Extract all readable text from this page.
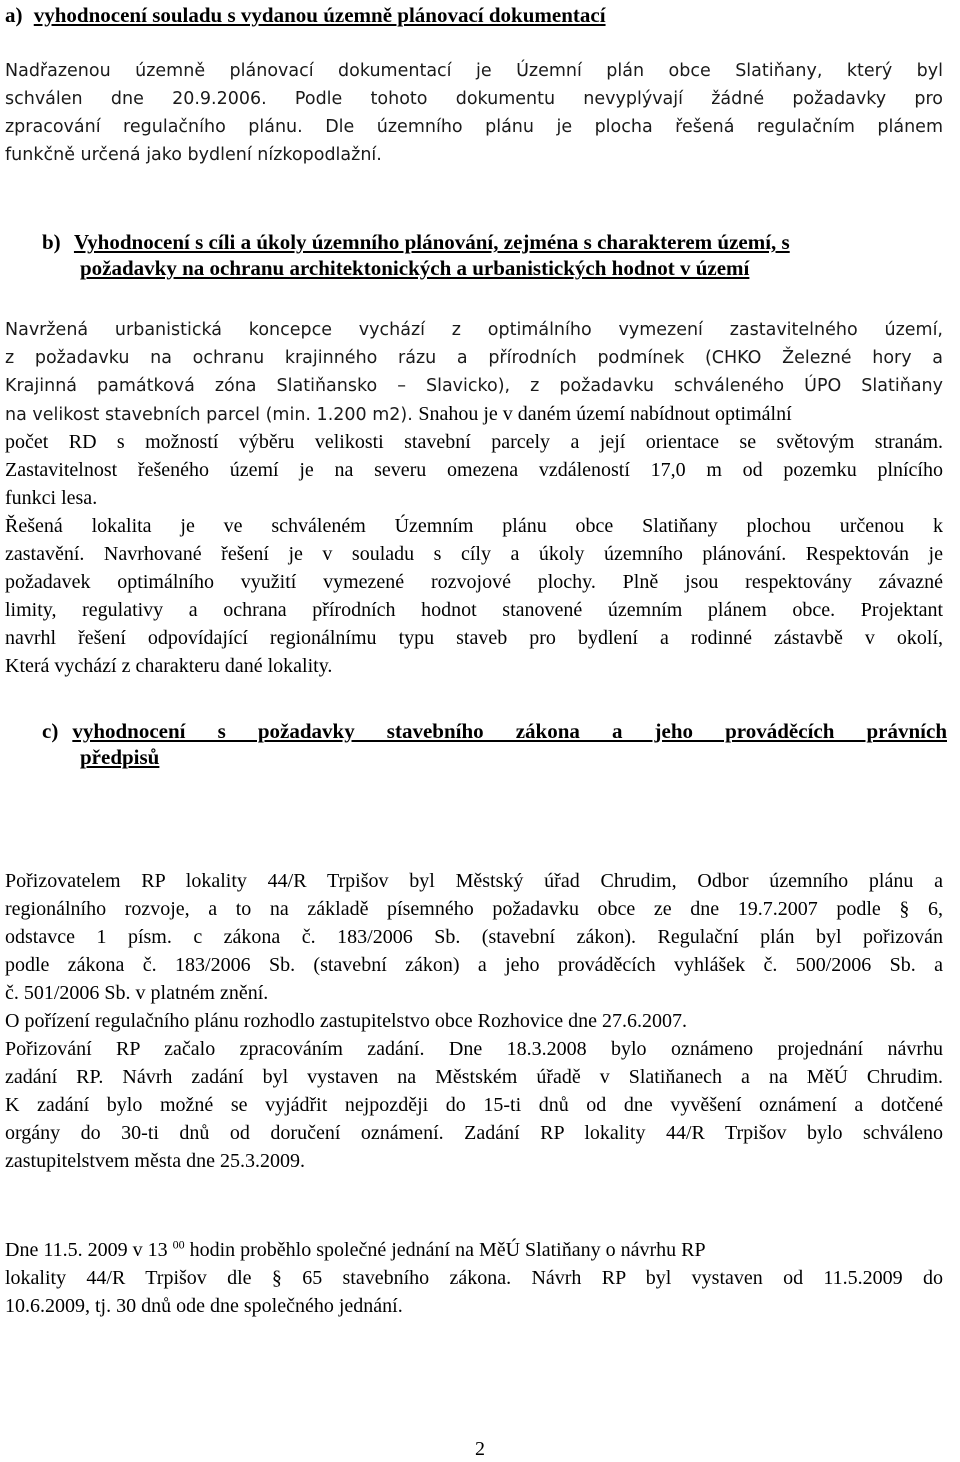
a) vyhodnocení souladu s vydanou územně plánovací dokumentací
Nadřazenou územně plánovací dokumentací je Územní plán obce Slatiňany, který byl
schválen dne 20.9.2006. Podle tohoto dokumentu nevyplývají žádné požadavky pro
zpracování regulačního plánu. Dle územního plánu je plocha řešená regulačním plánem
funkčně určená jako bydlení nízkopodlažní.
b) Vyhodnocení s cíli a úkoly územního plánování, zejména s charakterem území, s
požadavky na ochranu architektonických a urbanistických hodnot v území
Navržená urbanistická koncepce vychází z optimálního vymezení zastavitelného území,
z požadavku na ochranu krajinného rázu a přírodních podmínek (CHKO Železné hory a
Krajinná památková zóna Slatiňansko – Slavicko), z požadavku schváleného ÚPO Slatiňany
na velikost stavebních parcel (min. 1.200 m2). Snahou je v daném území nabídnout optimální
počet RD s možností výběru velikosti stavební parcely a její orientace se světovým stranám.
Zastavitelnost řešeného území je na severu omezena vzdáleností 17,0 m od pozemku plnícího
funkci lesa.
Řešená lokalita je ve schváleném Územním plánu obce Slatiňany plochou určenou k
zastavění. Navrhované řešení je v souladu s cíly a úkoly územního plánování. Respektován je
požadavek optimálního využití vymezené rozvojové plochy. Plně jsou respektovány závazné
limity, regulativy a ochrana přírodních hodnot stanovené územním plánem obce. Projektant
navrhl řešení odpovídající regionálnímu typu staveb pro bydlení a rodinné zástavbě v okolí,
Která vychází z charakteru dané lokality.
c) vyhodnocení s požadavky stavebního zákona a jeho prováděcích právních
předpisů
Pořizovatelem RP lokality 44/R Trpišov byl Městský úřad Chrudim, Odbor územního plánu a
regionálního rozvoje, a to na základě písemného požadavku obce ze dne 19.7.2007 podle § 6,
odstavce 1 písm. c zákona č. 183/2006 Sb. (stavební zákon). Regulační plán byl pořizován
podle zákona č. 183/2006 Sb. (stavební zákon) a jeho prováděcích vyhlášek č. 500/2006 Sb. a
č. 501/2006 Sb. v platném znění.
O pořízení regulačního plánu rozhodlo zastupitelstvo obce Rozhovice dne 27.6.2007.
Pořizování RP začalo zpracováním zadání. Dne 18.3.2008 bylo oznámeno projednání návrhu
zadání RP. Návrh zadání byl vystaven na Městském úřadě v Slatiňanech a na MěÚ Chrudim.
K zadání bylo možné se vyjádřit nejpozději do 15-ti dnů od dne vyvěšení oznámení a dotčené
orgány do 30-ti dnů od doručení oznámení. Zadání RP lokality 44/R Trpišov bylo schváleno
zastupitelstvem města dne 25.3.2009.
Dne 11.5. 2009 v 13 $^{00}$ hodin proběhlo společné jednání na MěÚ Slatiňany o návrhu RP
lokality 44/R Trpišov dle § 65 stavebního zákona. Návrh RP byl vystaven od 11.5.2009 do
10.6.2009, tj. 30 dnů ode dne společného jednání.
2
